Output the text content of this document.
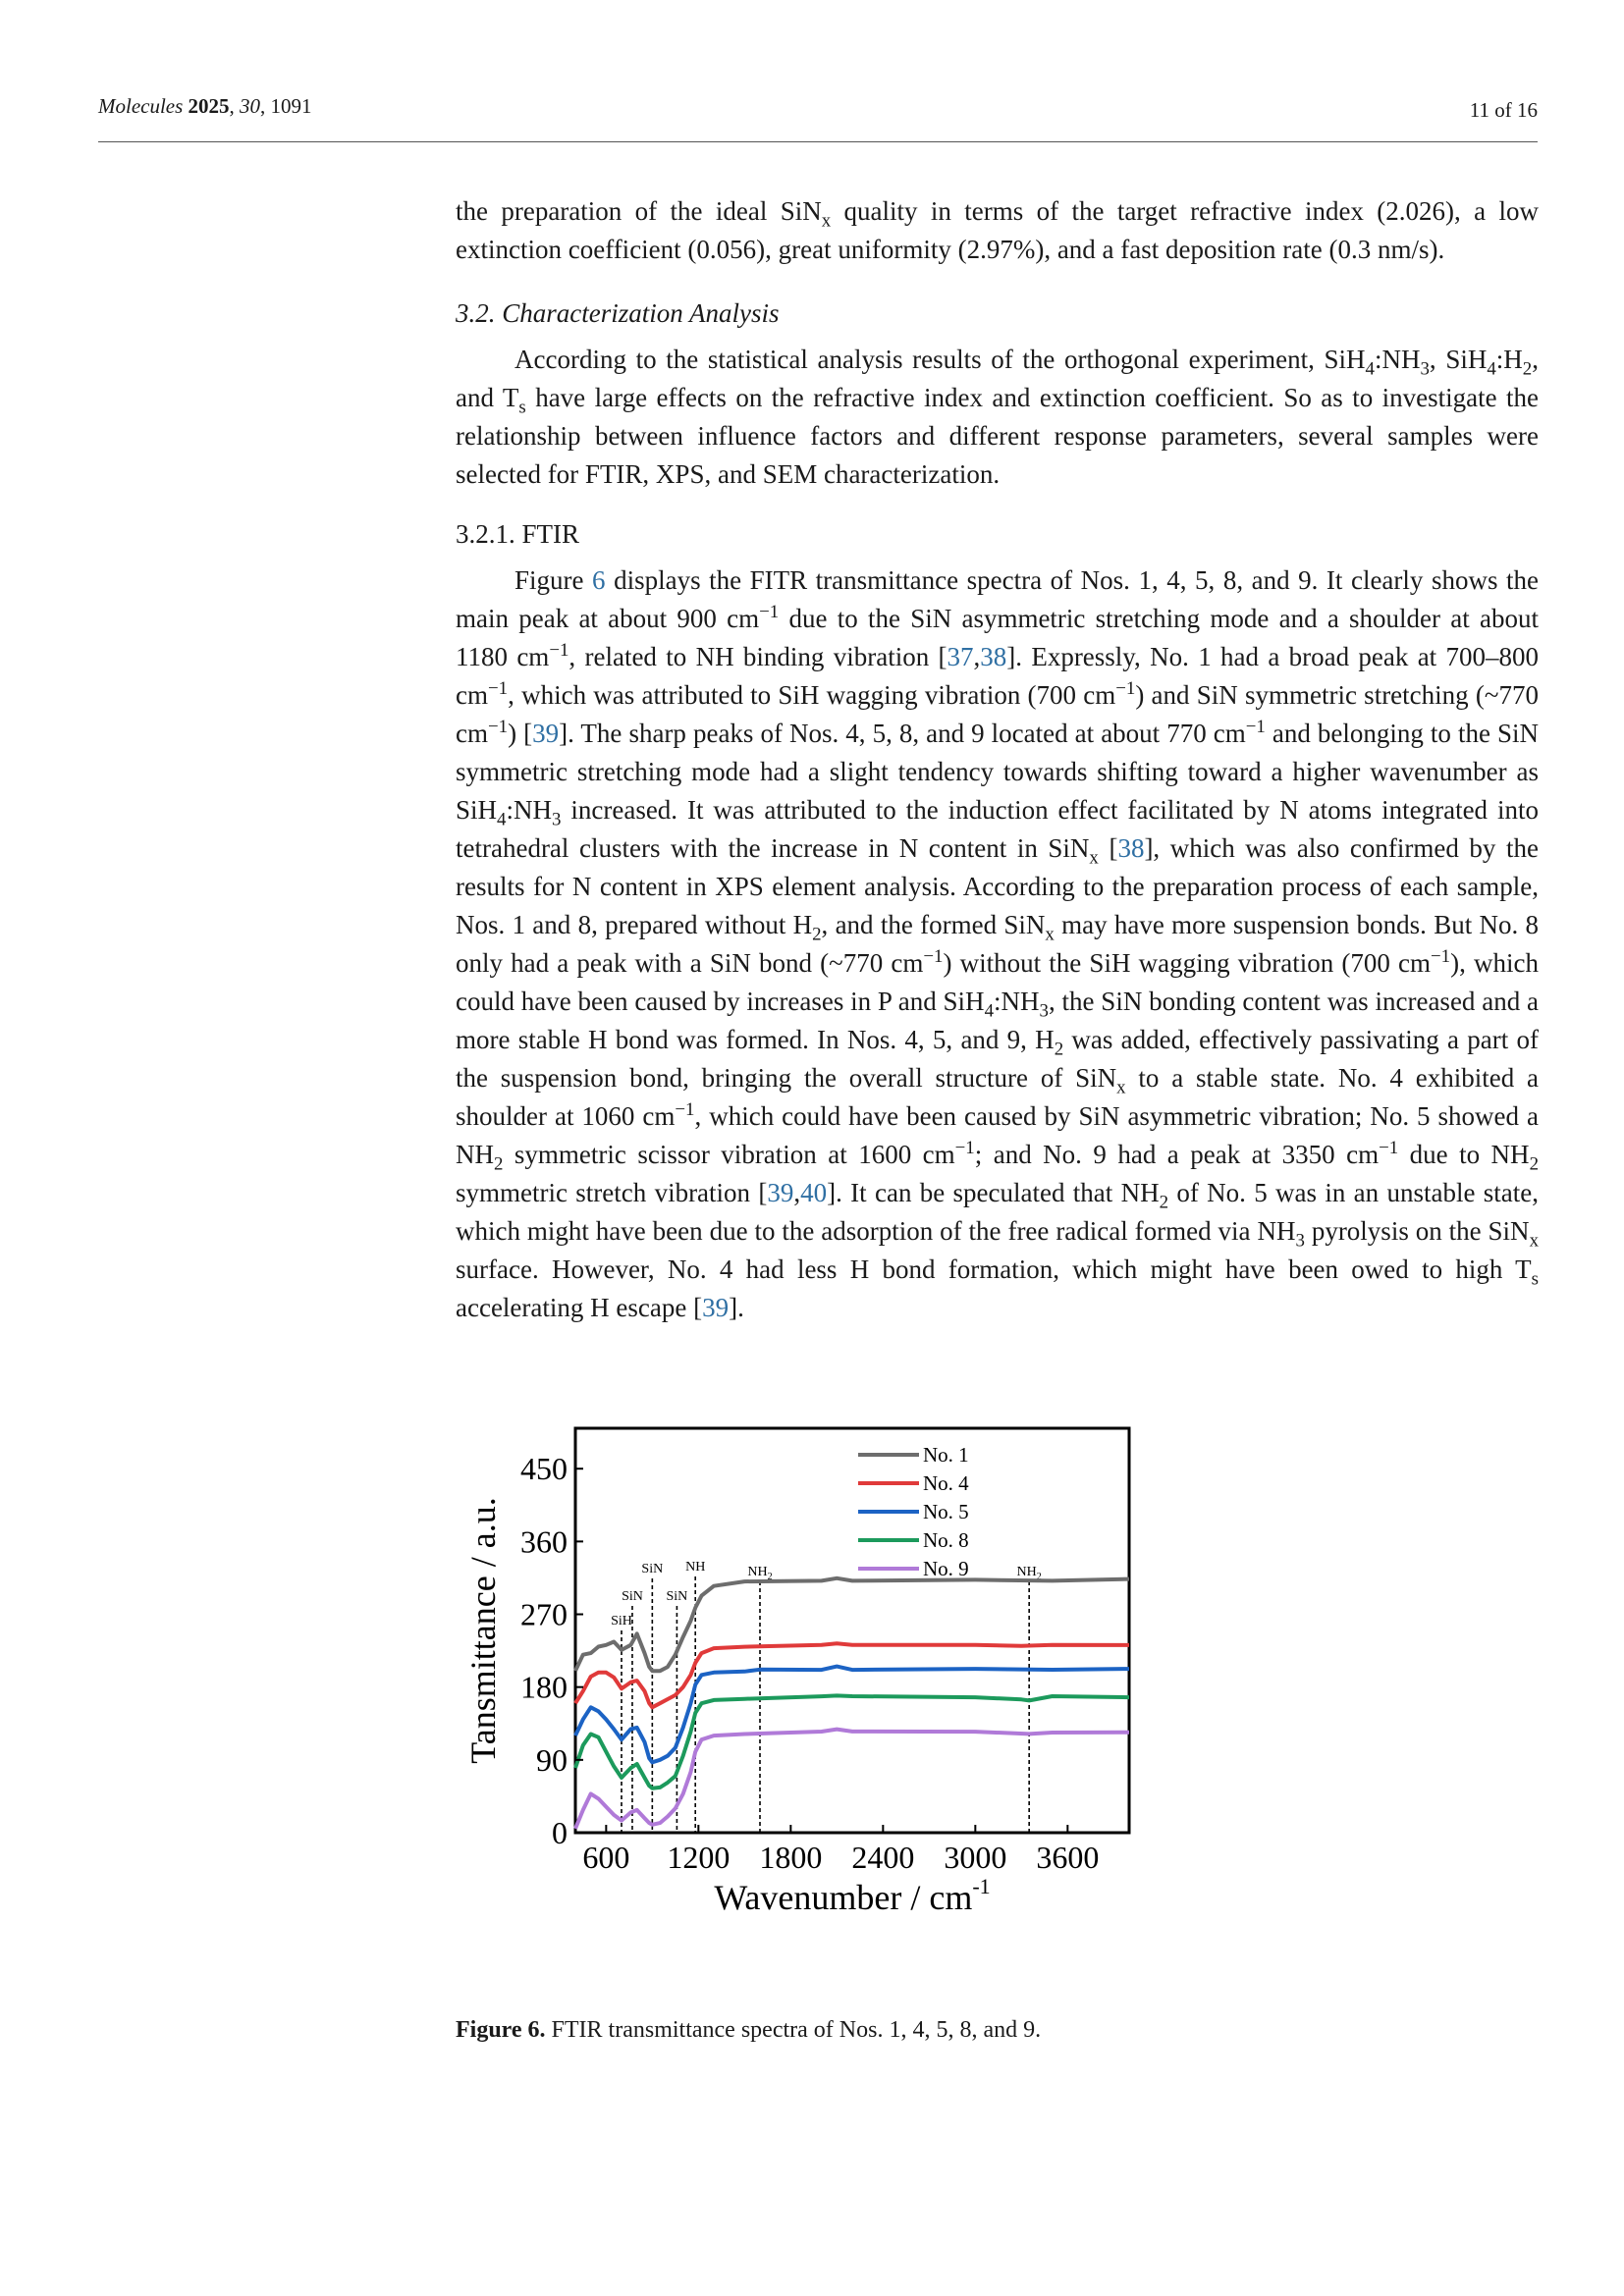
Molecules 2025, 30, 1091	11 of 16

the preparation of the ideal SiN$_x$ quality in terms of the target refractive index (2.026), a low extinction coefficient (0.056), great uniformity (2.97%), and a fast deposition rate (0.3 nm/s).

3.2. Characterization Analysis

According to the statistical analysis results of the orthogonal experiment, $SiH_4:NH_3$, $SiH_4:H_2$, and $T_s$ have large effects on the refractive index and extinction coefficient. So as to investigate the relationship between influence factors and different response parameters, several samples were selected for FTIR, XPS, and SEM characterization.

3.2.1. FTIR

Figure 6 displays the FITR transmittance spectra of Nos. 1, 4, 5, 8, and 9. It clearly shows the main peak at about 900 $cm^{-1}$ due to the SiN asymmetric stretching mode and a shoulder at about 1180 $cm^{-1}$, related to NH binding vibration [37,38]. Expressly, No. 1 had a broad peak at 700–800 $cm^{-1}$, which was attributed to SiH wagging vibration (700 $cm^{-1}$) and SiN symmetric stretching (~770 $cm^{-1}$) [39]. The sharp peaks of Nos. 4, 5, 8, and 9 located at about 770 $cm^{-1}$ and belonging to the SiN symmetric stretching mode had a slight tendency towards shifting toward a higher wavenumber as $SiH_4:NH_3$ increased. It was attributed to the induction effect facilitated by N atoms integrated into tetrahedral clusters with the increase in N content in SiN$_x$ [38], which was also confirmed by the results for N content in XPS element analysis. According to the preparation process of each sample, Nos. 1 and 8, prepared without $H_2$, and the formed SiN$_x$ may have more suspension bonds. But No. 8 only had a peak with a SiN bond (~770 $cm^{-1}$) without the SiH wagging vibration (700 $cm^{-1}$), which could have been caused by increases in P and $SiH_4:NH_3$, the SiN bonding content was increased and a more stable H bond was formed. In Nos. 4, 5, and 9, $H_2$ was added, effectively passivating a part of the suspension bond, bringing the overall structure of SiN$_x$ to a stable state. No. 4 exhibited a shoulder at 1060 $cm^{-1}$, which could have been caused by SiN asymmetric vibration; No. 5 showed a $NH_2$ symmetric scissor vibration at 1600 $cm^{-1}$; and No. 9 had a peak at 3350 $cm^{-1}$ due to $NH_2$ symmetric stretch vibration [39,40]. It can be speculated that $NH_2$ of No. 5 was in an unstable state, which might have been due to the adsorption of the free radical formed via $NH_3$ pyrolysis on the SiN$_x$ surface. However, No. 4 had less H bond formation, which might have been owed to high $T_s$ accelerating H escape [39].

SiH
SiN
SiN
SiN
NH	$NH_2$	$NH_2$
0
90
180
270
360
450
600 1200 1800 2400 3000 3600
Wavenumber / $cm^{-1}$
Tansmittance / a.u.
No. 1
No. 4
No. 5
No. 8
No. 9
Figure 6. FTIR transmittance spectra of Nos. 1, 4, 5, 8, and 9.
